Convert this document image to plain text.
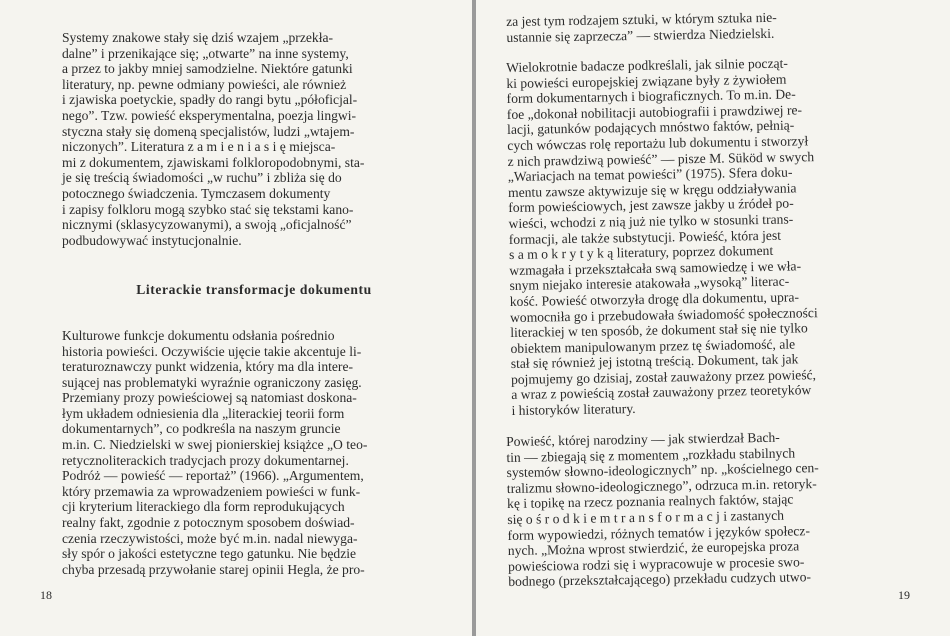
Systemy znakowe stały się dziś wzajem „przekła-
dalne” i przenikające się; „otwarte” na inne systemy,
a przez to jakby mniej samodzielne. Niektóre gatunki
literatury, np. pewne odmiany powieści, ale również
i zjawiska poetyckie, spadły do rangi bytu „półoficjal-
nego”. Tzw. powieść eksperymentalna, poezja lingwi-
styczna stały się domeną specjalistów, ludzi „wtajem-
niczonych”. Literatura z a m i e n i a s i ę miejsca-
mi z dokumentem, zjawiskami folkloropodobnymi, sta-
je się treścią świadomości „w ruchu” i zbliża się do
potocznego świadczenia. Tymczasem dokumenty
i zapisy folkloru mogą szybko stać się tekstami kano-
nicznymi (sklasycyzowanymi), a swoją „oficjalność”
podbudowywać instytucjonalnie.

Literackie transformacje dokumentu

Kulturowe funkcje dokumentu odsłania pośrednio
historia powieści. Oczywiście ujęcie takie akcentuje li-
teraturoznawczy punkt widzenia, który ma dla intere-
sującej nas problematyki wyraźnie ograniczony zasięg.
Przemiany prozy powieściowej są natomiast doskona-
łym układem odniesienia dla „literackiej teorii form
dokumentarnych”, co podkreśla na naszym gruncie
m.in. C. Niedzielski w swej pionierskiej książce „O teo-
retycznoliterackich tradycjach prozy dokumentarnej.
Podróż — powieść — reportaż” (1966). „Argumentem,
który przemawia za wprowadzeniem powieści w funk-
cji kryterium literackiego dla form reprodukujących
realny fakt, zgodnie z potocznym sposobem doświad-
czenia rzeczywistości, może być m.in. nadal niewyga-
sły spór o jakości estetyczne tego gatunku. Nie będzie
chyba przesadą przywołanie starej opinii Hegla, że pro-

18

za jest tym rodzajem sztuki, w którym sztuka nie-
ustannie się zaprzecza” — stwierdza Niedzielski.

Wielokrotnie badacze podkreślali, jak silnie począt-
ki powieści europejskiej związane były z żywiołem
form dokumentarnych i biograficznych. To m.in. De-
foe „dokonał nobilitacji autobiografii i prawdziwej re-
lacji, gatunków podających mnóstwo faktów, pełnią-
cych wówczas rolę reportażu lub dokumentu i stworzył
z nich prawdziwą powieść” — pisze M. Süköd w swych
„Wariacjach na temat powieści” (1975). Sfera doku-
mentu zawsze aktywizuje się w kręgu oddziaływania
form powieściowych, jest zawsze jakby u źródeł po-
wieści, wchodzi z nią już nie tylko w stosunki trans-
formacji, ale także substytucji. Powieść, która jest
s a m o k r y t y k ą literatury, poprzez dokument
wzmagała i przekształcała swą samowiedzę i we wła-
snym niejako interesie atakowała „wysoką” literac-
kość. Powieść otworzyła drogę dla dokumentu, upra-
womocniła go i przebudowała świadomość społeczności
literackiej w ten sposób, że dokument stał się nie tylko
obiektem manipulowanym przez tę świadomość, ale
stał się również jej istotną treścią. Dokument, tak jak
pojmujemy go dzisiaj, został zauważony przez powieść,
a wraz z powieścią został zauważony przez teoretyków
i historyków literatury.

Powieść, której narodziny — jak stwierdzał Bach-
tin — zbiegają się z momentem „rozkładu stabilnych
systemów słowno-ideologicznych” np. „kościelnego cen-
tralizmu słowno-ideologicznego”, odrzuca m.in. retoryk-
kę i topikę na rzecz poznania realnych faktów, stając
się o ś r o d k i e m t r a n s f o r m a c j i zastanych
form wypowiedzi, różnych tematów i języków społecz-
nych. „Można wprost stwierdzić, że europejska proza
powieściowa rodzi się i wypracowuje w procesie swo-
bodnego (przekształcającego) przekładu cudzych utwo-

19
